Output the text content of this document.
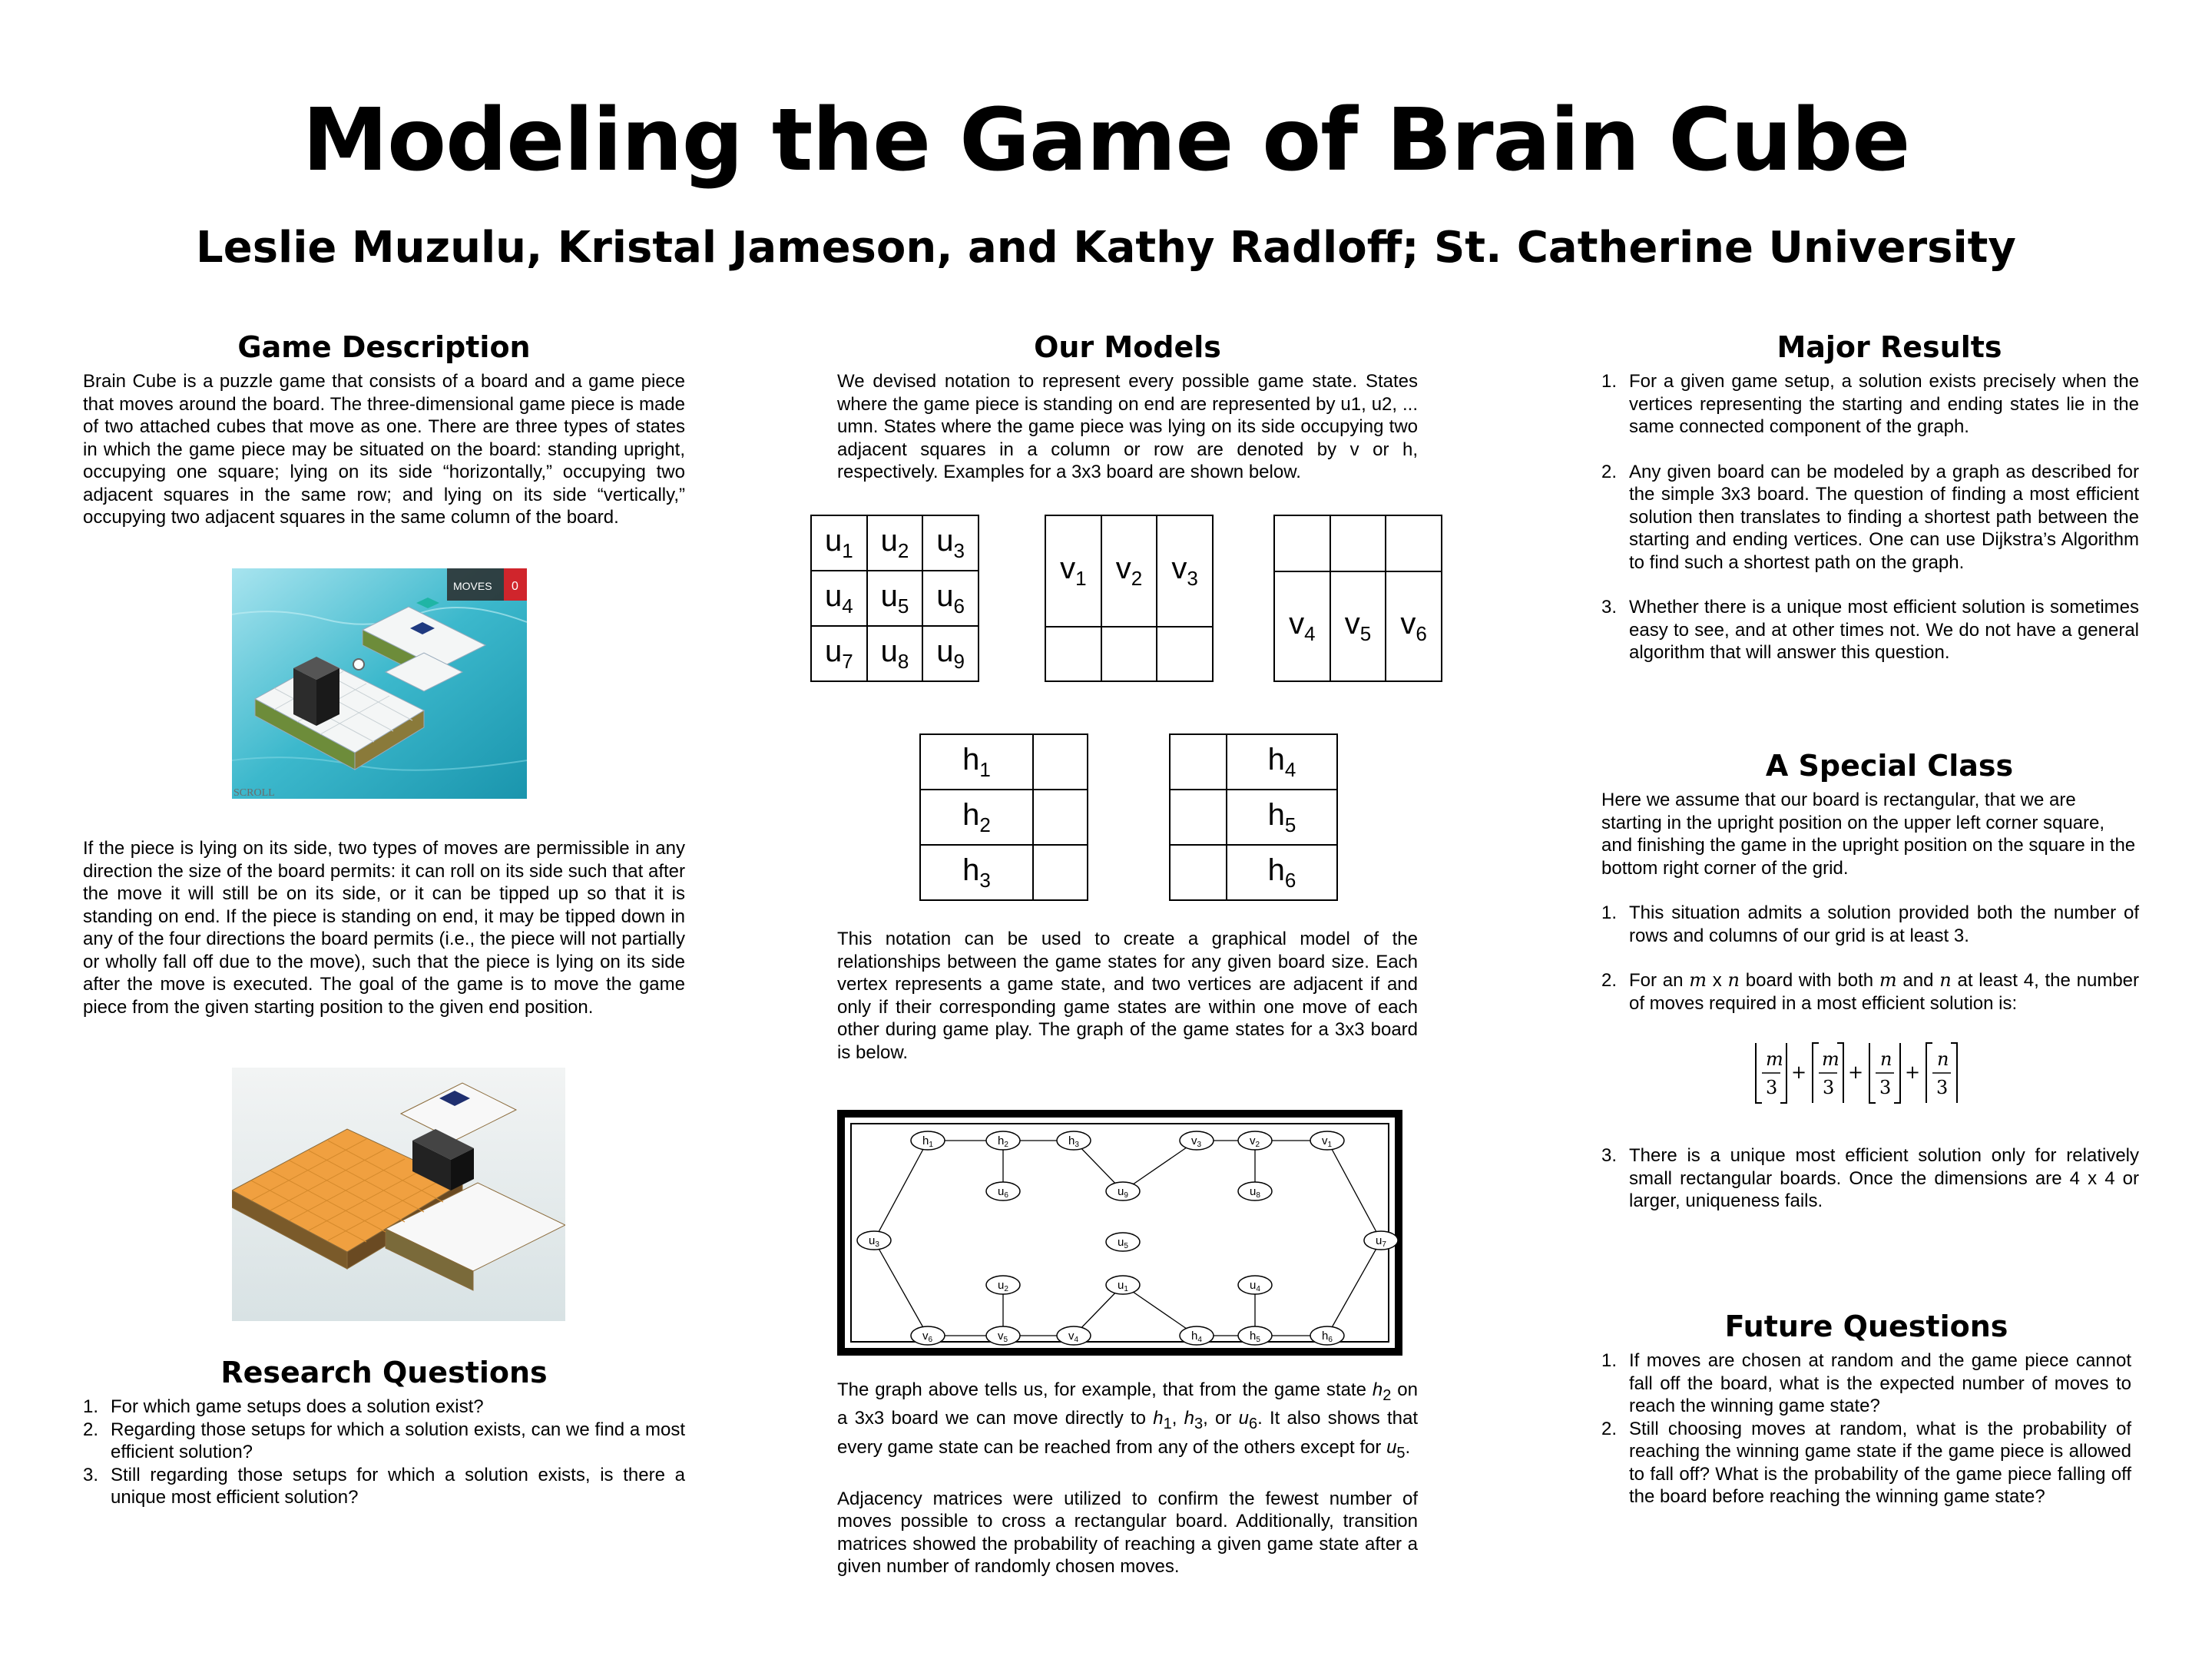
Modeling the Game of Brain Cube
Leslie Muzulu, Kristal Jameson, and Kathy Radloff; St. Catherine University
Game Description

Brain Cube is a puzzle game that consists of a board and a game piece that moves around the board. The three-dimensional game piece is made of two attached cubes that move as one. There are three types of states in which the game piece may be situated on the board: standing upright, occupying one square; lying on its side “horizontally,” occupying two adjacent squares in the same row; and lying on its side “vertically,” occupying two adjacent squares in the same column of the board.

MOVES 0
SCROLL

If the piece is lying on its side, two types of moves are permissible in any direction the size of the board permits: it can roll on its side such that after the move it will still be on its side, or it can be tipped up so that it is standing on end. If the piece is standing on end, it may be tipped down in any of the four directions the board permits (i.e., the piece will not partially or wholly fall off due to the move), such that the piece is lying on its side after the move is executed. The goal of the game is to move the game piece from the given starting position to the given end position.

Research Questions
1. For which game setups does a solution exist?
2. Regarding those setups for which a solution exists, can we find a most efficient solution?
3. Still regarding those setups for which a solution exists, is there a unique most efficient solution?
Our Models

We devised notation to represent every possible game state. States where the game piece is standing on end are represented by u1, u2, ... umn. States where the game piece was lying on its side occupying two adjacent squares in a column or row are denoted by v or h, respectively. Examples for a 3x3 board are shown below.

$u_1$	$u_2$	$u_3$
$u_4$	$u_5$	$u_6$
$u_7$	$u_8$	$u_9$
$v_1$	$v_2$	$v_3$

$v_4$	$v_5$	$v_6$
$h_1$	
$h_2$	
$h_3$	
	$h_4$
	$h_5$
	$h_6$

This notation can be used to create a graphical model of the relationships between the game states for any given board size. Each vertex represents a game state, and two vertices are adjacent if and only if their corresponding game states are within one move of each other during game play. The graph of the game states for a 3x3 board is below.

$h_1$	$h_2$	$h_3$	$v_3$	$v_2$	$v_1$
$u_6$	$u_9$	$u_8$
$u_3$	$u_5$	$u_7$
$u_2$	$u_1$	$u_4$
$v_6$	$v_5$	$v_4$	$h_4$	$h_5$	$h_6$

The graph above tells us, for example, that from the game state $h_2$ on a 3x3 board we can move directly to $h_1$, $h_3$, or $u_6$. It also shows that every game state can be reached from any of the others except for $u_5$.

Adjacency matrices were utilized to confirm the fewest number of moves possible to cross a rectangular board. Additionally, transition matrices showed the probability of reaching a given game state after a given number of randomly chosen moves.

Major Results
1. For a given game setup, a solution exists precisely when the vertices representing the starting and ending states lie in the same connected component of the graph.
2. Any given board can be modeled by a graph as described for the simple 3x3 board. The question of finding a most efficient solution then translates to finding a shortest path between the starting and ending vertices. One can use Dijkstra’s Algorithm to find such a shortest path on the graph.
3. Whether there is a unique most efficient solution is sometimes easy to see, and at other times not. We do not have a general algorithm that will answer this question.
A Special Class

Here we assume that our board is rectangular, that we are starting in the upright position on the upper left corner square, and finishing the game in the upright position on the square in the bottom right corner of the grid.

1. This situation admits a solution provided both the number of rows and columns of our grid is at least 3.
2. For an m x n board with both m and n at least 4, the number of moves required in a most efficient solution is:
m
3
+
m
3
+
n
3
+
n
3
3. There is a unique most efficient solution only for relatively small rectangular boards. Once the dimensions are 4 x 4 or larger, uniqueness fails.
Future Questions
1. If moves are chosen at random and the game piece cannot fall off the board, what is the expected number of moves to reach the winning game state?
2. Still choosing moves at random, what is the probability of reaching the winning game state if the game piece is allowed to fall off? What is the probability of the game piece falling off the board before reaching the winning game state?
